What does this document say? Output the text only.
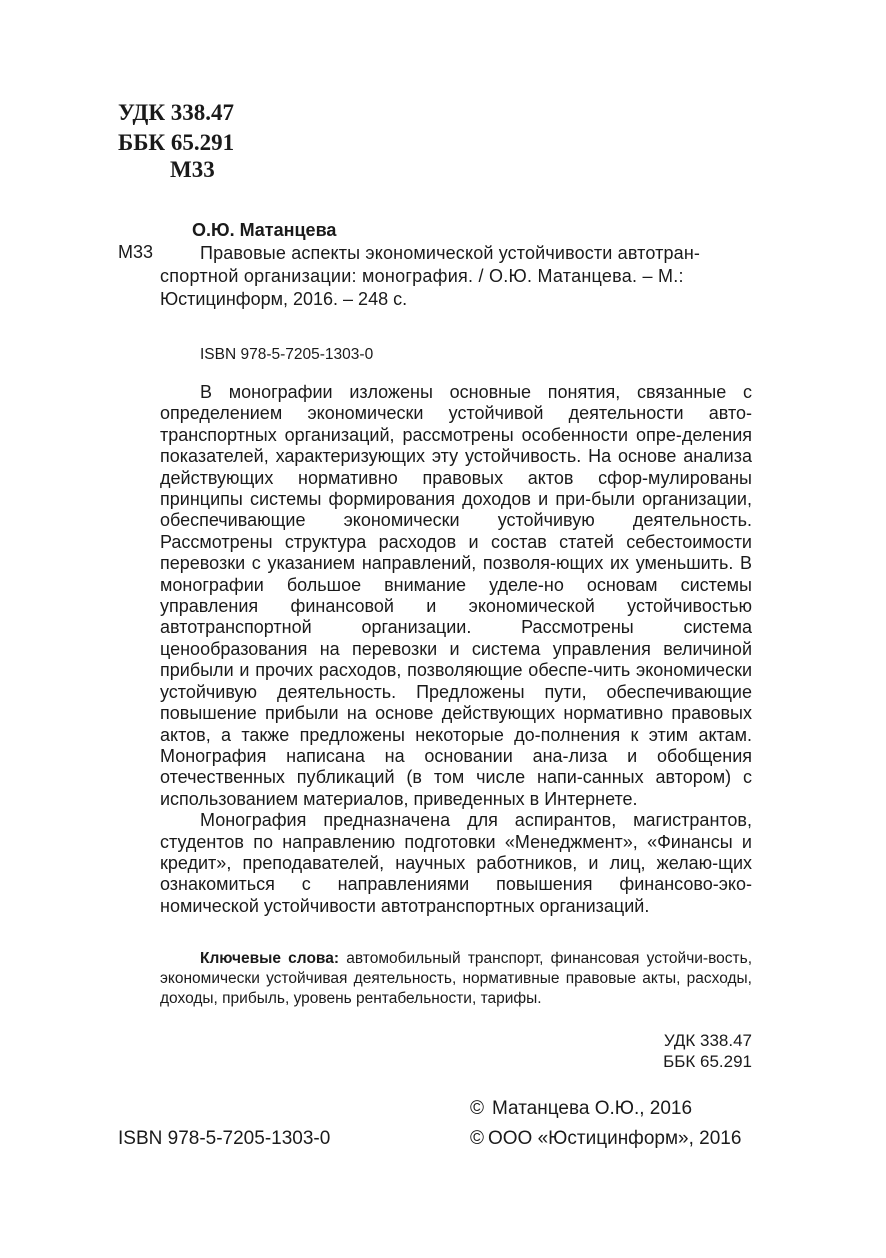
УДК 338.47
ББК 65.291
М33
О.Ю. Матанцева
М33	Правовые аспекты экономической устойчивости автотран-
спортной организации: монография. / О.Ю. Матанцева. – М.:
Юстицинформ, 2016. – 248 с.
ISBN 978-5-7205-1303-0

В монографии изложены основные понятия, связанные с определением экономически устойчивой деятельности авто-транспортных организаций, рассмотрены особенности опре-деления показателей, характеризующих эту устойчивость. На основе анализа действующих нормативно правовых актов сфор-мулированы принципы системы формирования доходов и при-были организации, обеспечивающие экономически устойчивую деятельность. Рассмотрены структура расходов и состав статей себестоимости перевозки с указанием направлений, позволя-ющих их уменьшить. В монографии большое внимание уделе-но основам системы управления финансовой и экономической устойчивостью автотранспортной организации. Рассмотрены система ценообразования на перевозки и система управления величиной прибыли и прочих расходов, позволяющие обеспе-чить экономически устойчивую деятельность. Предложены пути, обеспечивающие повышение прибыли на основе действующих нормативно правовых актов, а также предложены некоторые до-полнения к этим актам. Монография написана на основании ана-лиза и обобщения отечественных публикаций (в том числе напи-санных автором) с использованием материалов, приведенных в Интернете.

Монография предназначена для аспирантов, магистрантов, студентов по направлению подготовки «Менеджмент», «Финансы и кредит», преподавателей, научных работников, и лиц, желаю-щих ознакомиться с направлениями повышения финансово-эко-номической устойчивости автотранспортных организаций.

Ключевые слова: автомобильный транспорт, финансовая устойчи-вость, экономически устойчивая деятельность, нормативные правовые акты, расходы, доходы, прибыль, уровень рентабельности, тарифы.

УДК 338.47
ББК 65.291
© Матанцева О.Ю., 2016
ISBN 978-5-7205-1303-0	© ООО «Юстицинформ», 2016
